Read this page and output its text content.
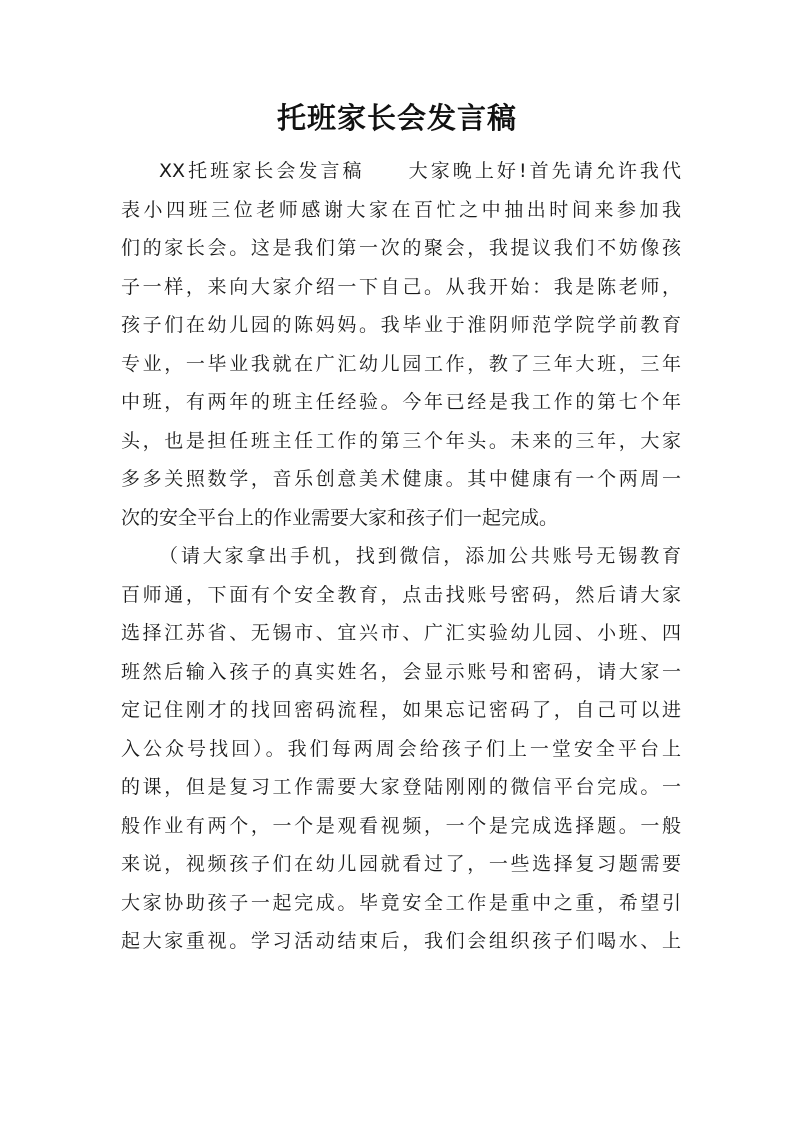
托班家长会发言稿
XX托班家长会发言稿　　大家晚上好!首先请允许我代
表小四班三位老师感谢大家在百忙之中抽出时间来参加我
们的家长会。这是我们第一次的聚会，我提议我们不妨像孩
子一样，来向大家介绍一下自己。从我开始：我是陈老师，
孩子们在幼儿园的陈妈妈。我毕业于淮阴师范学院学前教育
专业，一毕业我就在广汇幼儿园工作，教了三年大班，三年
中班，有两年的班主任经验。今年已经是我工作的第七个年
头，也是担任班主任工作的第三个年头。未来的三年，大家
多多关照数学，音乐创意美术健康。其中健康有一个两周一
次的安全平台上的作业需要大家和孩子们一起完成。
（请大家拿出手机，找到微信，添加公共账号无锡教育
百师通，下面有个安全教育，点击找账号密码，然后请大家
选择江苏省、无锡市、宜兴市、广汇实验幼儿园、小班、四
班然后输入孩子的真实姓名，会显示账号和密码，请大家一
定记住刚才的找回密码流程，如果忘记密码了，自己可以进
入公众号找回）。我们每两周会给孩子们上一堂安全平台上
的课，但是复习工作需要大家登陆刚刚的微信平台完成。一
般作业有两个，一个是观看视频，一个是完成选择题。一般
来说，视频孩子们在幼儿园就看过了，一些选择复习题需要
大家协助孩子一起完成。毕竟安全工作是重中之重，希望引
起大家重视。学习活动结束后，我们会组织孩子们喝水、上
